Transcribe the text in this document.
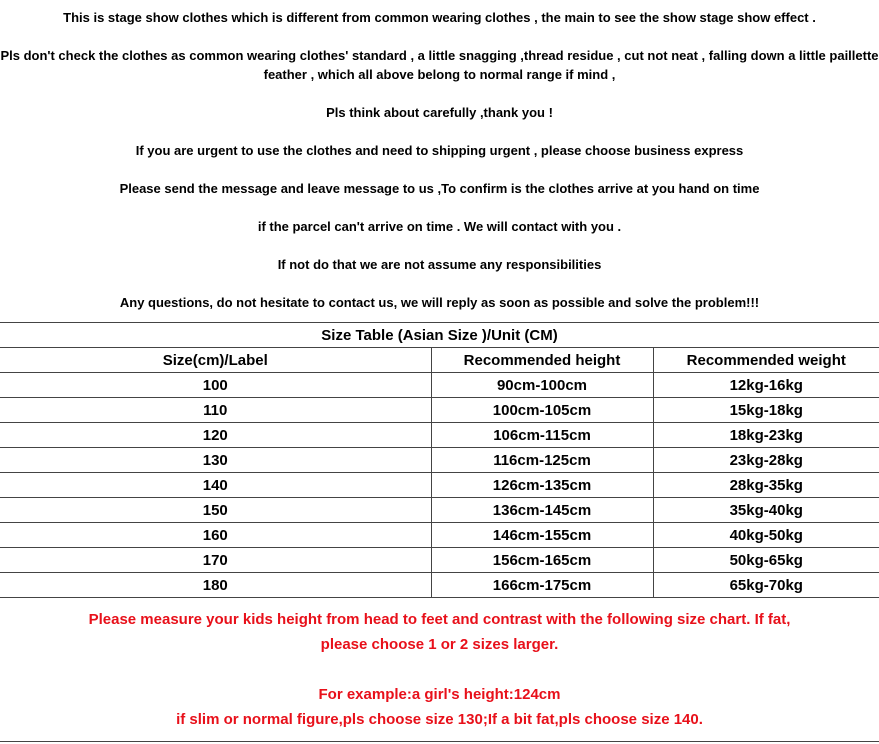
This is stage show clothes which is different from common wearing clothes , the main to see the show stage show effect .
Pls don't check the clothes as common wearing clothes' standard , a little snagging ,thread residue , cut not neat , falling down a little paillette feather , which all above belong to normal range if mind ,
Pls think about carefully ,thank you !
If you are urgent to use the clothes and need to shipping urgent , please choose business express
Please send the message and leave message to us ,To confirm is the clothes arrive at you hand on time
if the parcel can't arrive on time . We will contact with you .
If not do that we are not assume any responsibilities
Any questions, do not hesitate to contact us, we will reply as soon as possible and solve the problem!!!
Size Table (Asian Size )/Unit (CM)		
Size(cm)/Label	Recommended height	Recommended weight
100	90cm-100cm	12kg-16kg
110	100cm-105cm	15kg-18kg
120	106cm-115cm	18kg-23kg
130	116cm-125cm	23kg-28kg
140	126cm-135cm	28kg-35kg
150	136cm-145cm	35kg-40kg
160	146cm-155cm	40kg-50kg
170	156cm-165cm	50kg-65kg
180	166cm-175cm	65kg-70kg
Please measure your kids height from head to feet and contrast with the following size chart. If fat,
please choose 1 or 2 sizes larger.
For example:a girl's height:124cm
if slim or normal figure,pls choose size 130;If a bit fat,pls choose size 140.
